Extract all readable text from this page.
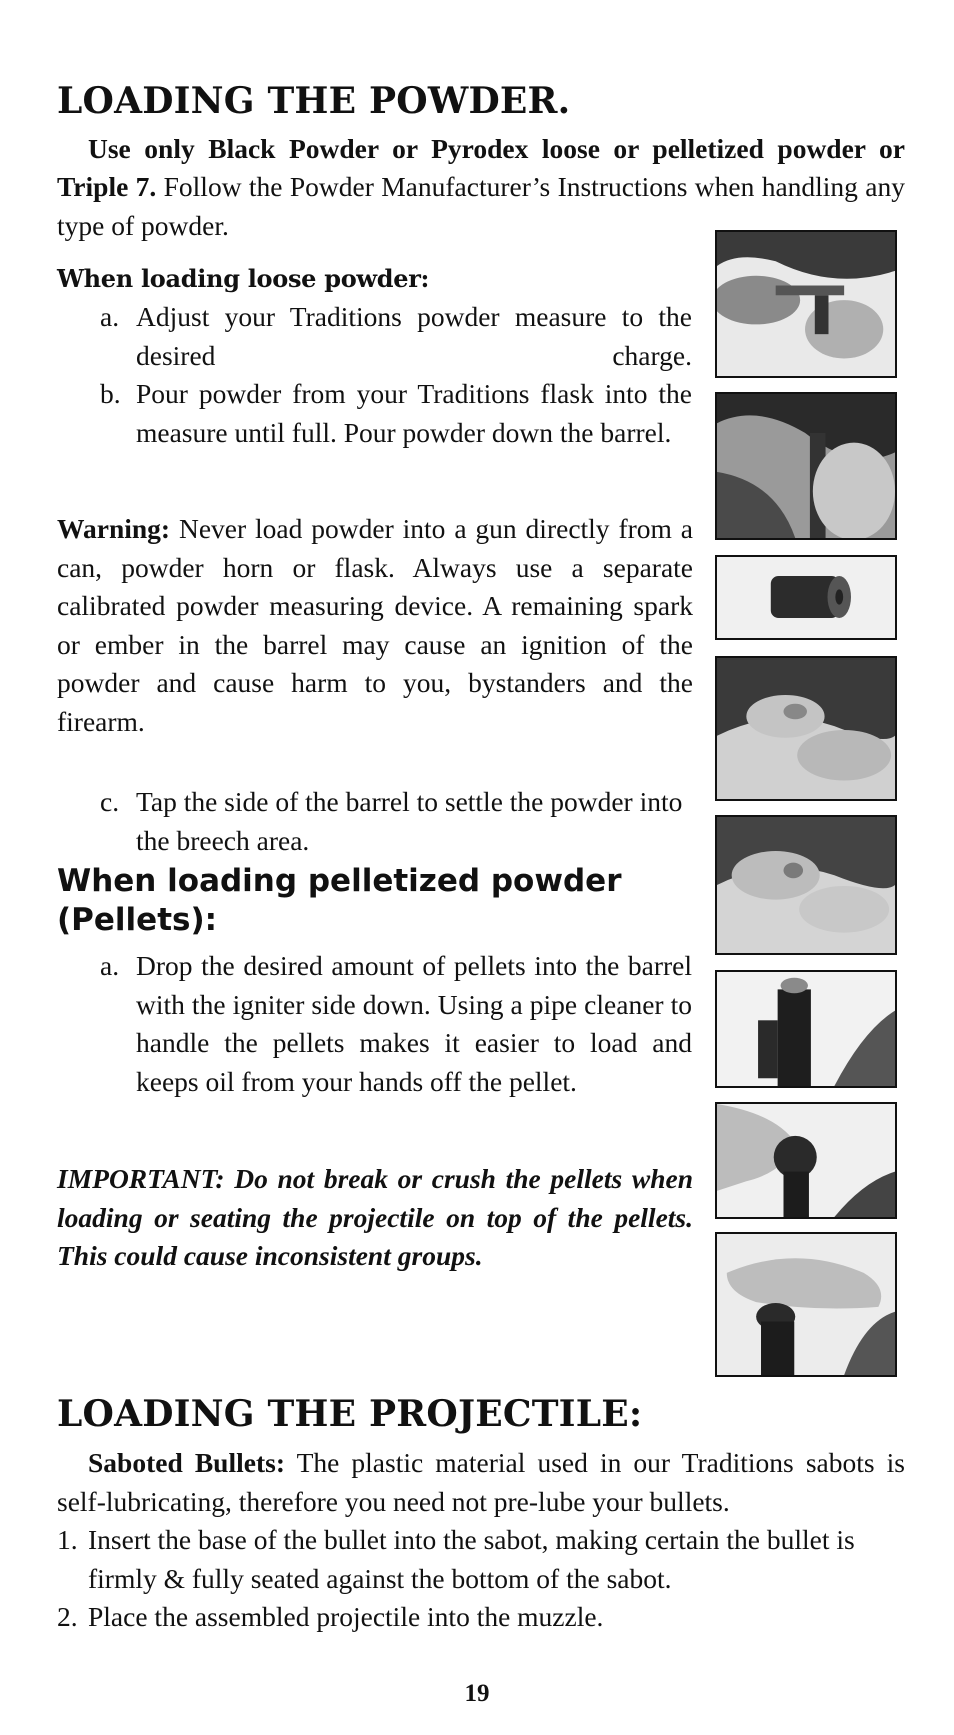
LOADING THE POWDER.

Use only Black Powder or Pyrodex loose or pelletized powder or

Triple 7. Follow the Powder Manufacturer’s Instructions when handling any type of powder.

When loading loose powder:

a. Adjust your Traditions powder measure to the desired charge.
b. Pour powder from your Traditions flask into the measure until full. Pour powder down the barrel.

Warning: Never load powder into a gun directly from a can, powder horn or flask. Always use a separate calibrated powder measuring device. A remaining spark or ember in the barrel may cause an ignition of the powder and cause harm to you, bystanders and the firearm.

c. Tap the side of the barrel to settle the powder into the breech area.

When loading pelletized powder (Pellets):

a. Drop the desired amount of pellets into the barrel with the igniter side down. Using a pipe cleaner to handle the pellets makes it easier to load and keeps oil from your hands off the pellet.

IMPORTANT: Do not break or crush the pellets when loading or seating the projectile on top of the pellets. This could cause inconsistent groups.

LOADING THE PROJECTILE:

Saboted Bullets: The plastic material used in our Traditions sabots is self-lubricating, therefore you need not pre-lube your bullets.

1. Insert the base of the bullet into the sabot, making certain the bullet is firmly & fully seated against the bottom of the sabot.
2. Place the assembled projectile into the muzzle.
19
